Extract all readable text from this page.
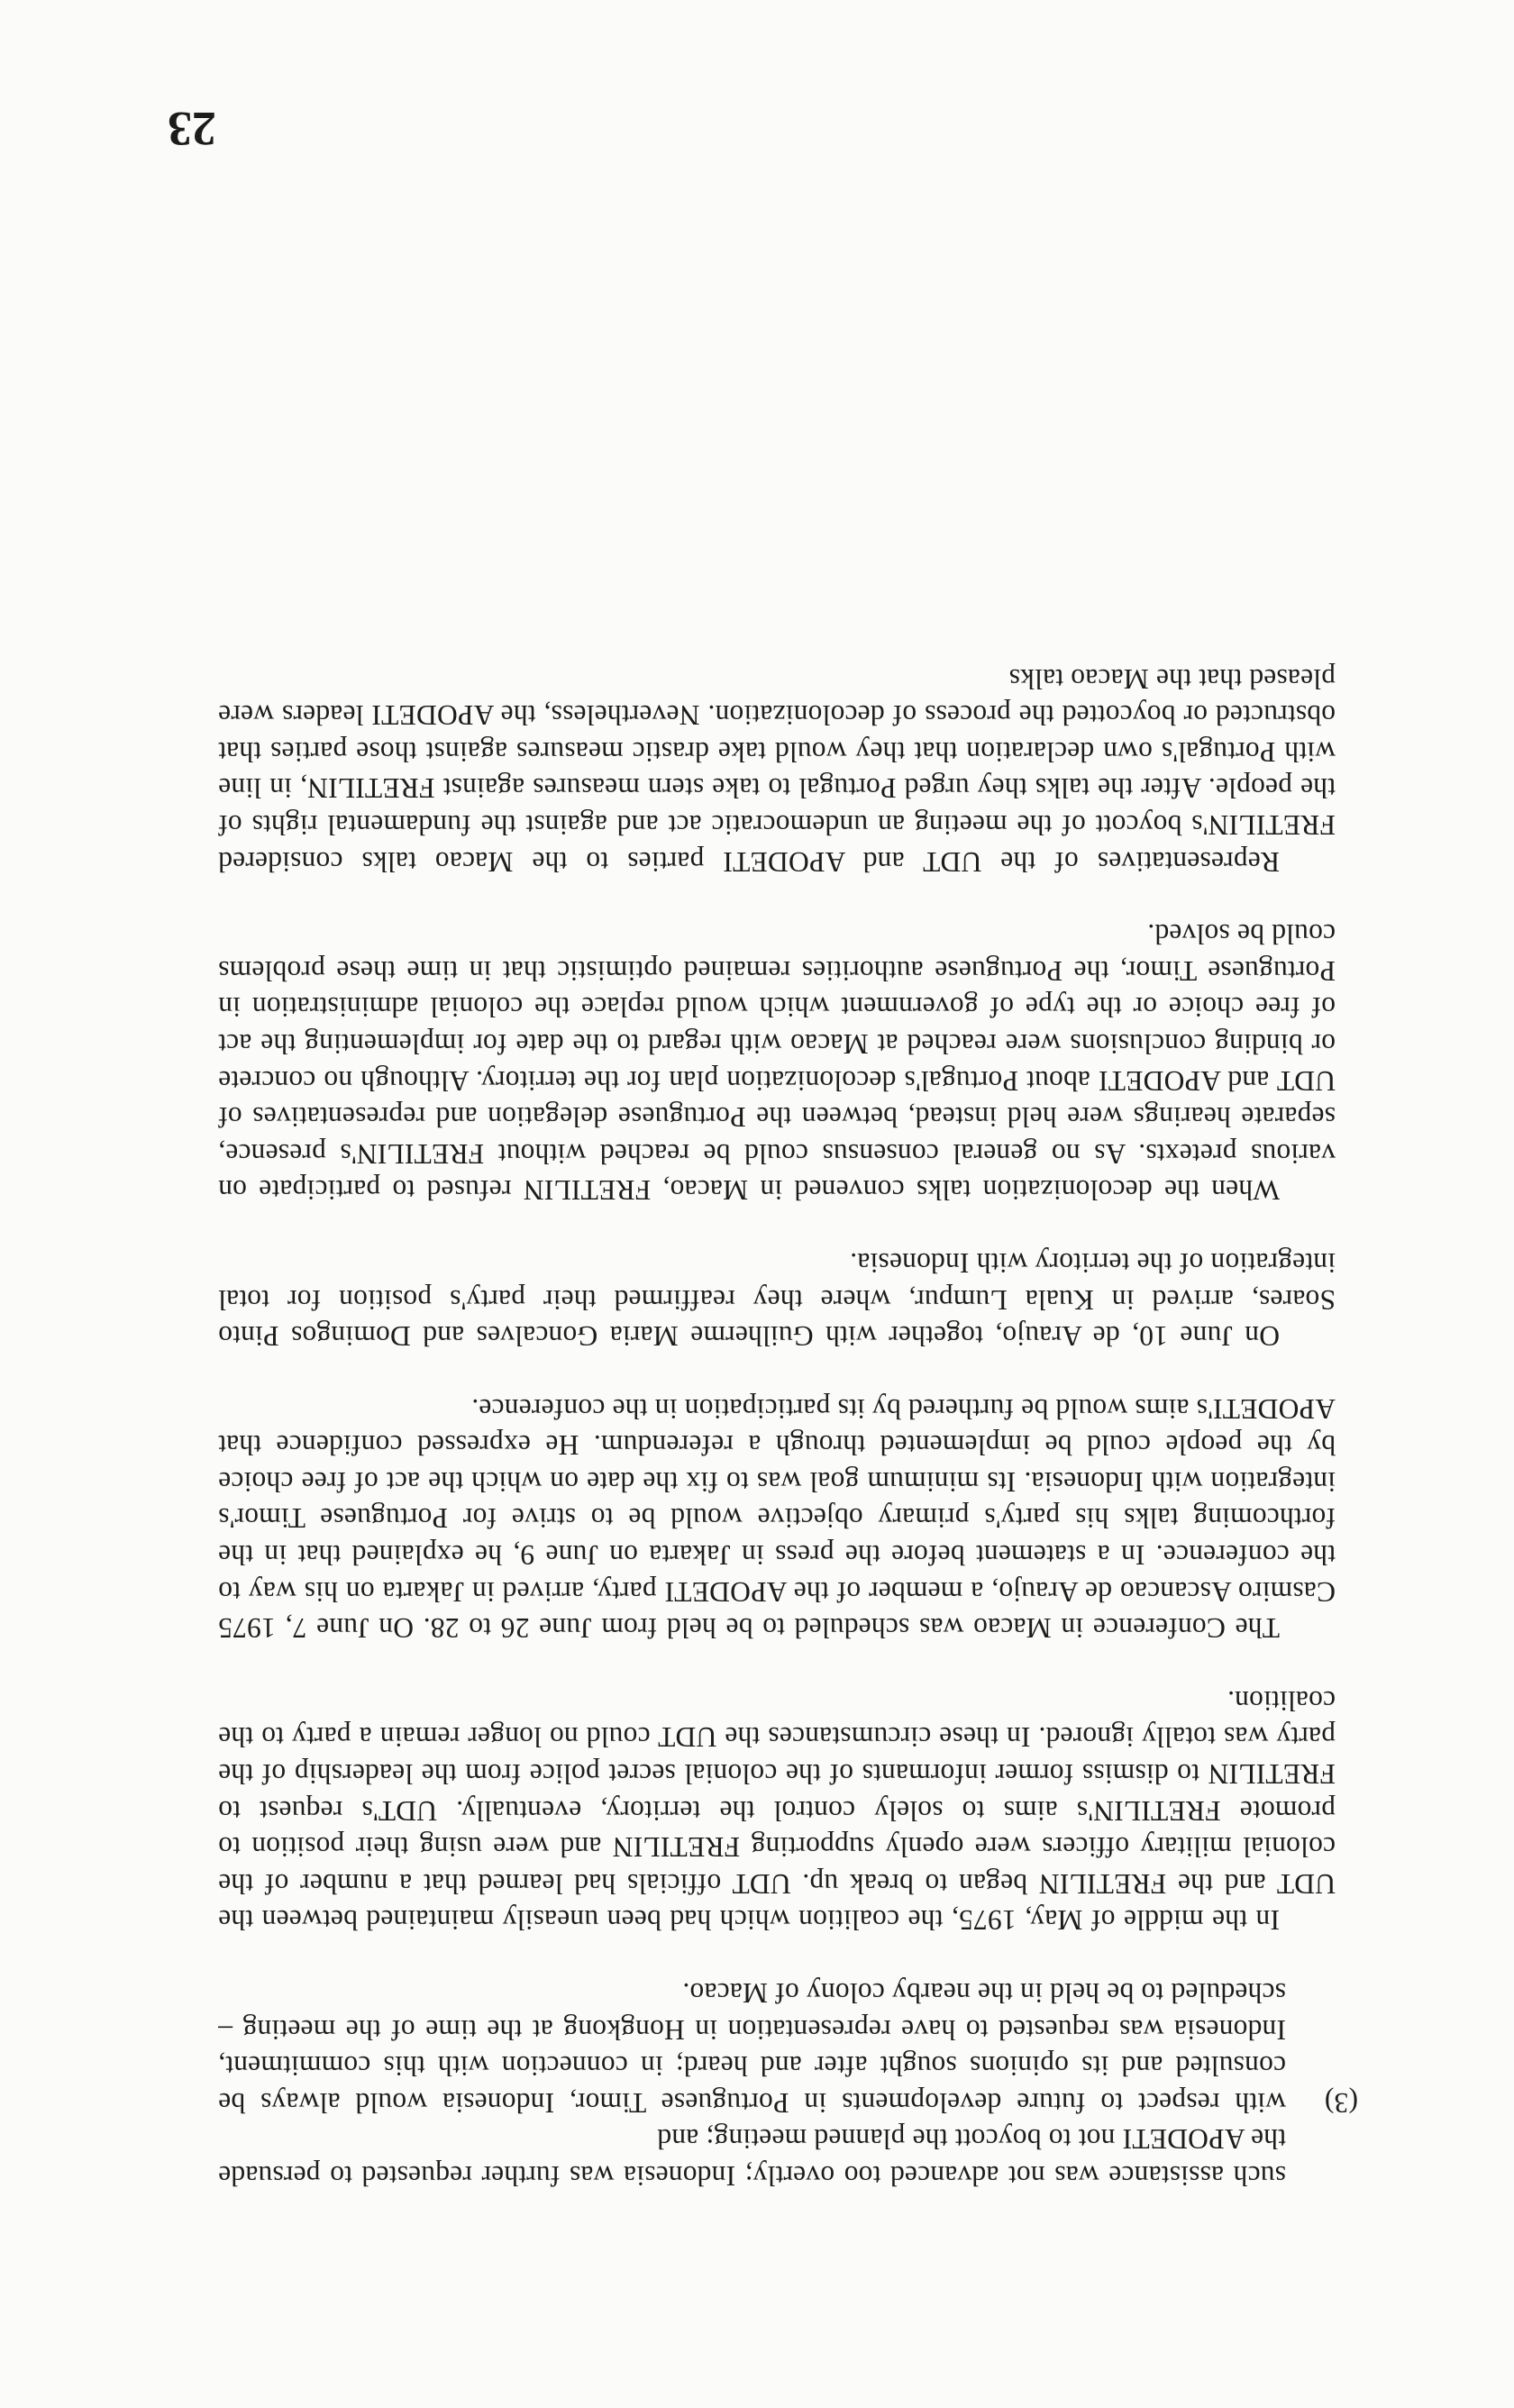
such assistance was not advanced too overtly; Indonesia was further requested to persuade the APODETI not to boycott the planned meeting; and

(3)
with respect to future developments in Portuguese Timor, Indonesia would always be consulted and its opinions sought after and heard; in connection with this commitment, Indonesia was requested to have representation in Hongkong at the time of the meeting – scheduled to be held in the nearby colony of Macao.

In the middle of May, 1975, the coalition which had been uneasily maintained between the UDT and the FRETILIN began to break up. UDT officials had learned that a number of the colonial military officers were openly supporting FRETILIN and were using their position to promote FRETILIN's aims to solely control the territory, eventually. UDT's request to FRETILIN to dismiss former informants of the colonial secret police from the leadership of the party was totally ignored. In these circumstances the UDT could no longer remain a party to the coalition.

The Conference in Macao was scheduled to be held from June 26 to 28. On June 7, 1975 Casmiro Ascancao de Araujo, a member of the APODETI party, arrived in Jakarta on his way to the conference. In a statement before the press in Jakarta on June 9, he explained that in the forthcoming talks his party's primary objective would be to strive for Portuguese Timor's integration with Indonesia. Its minimum goal was to fix the date on which the act of free choice by the people could be implemented through a referendum. He expressed confidence that APODETI's aims would be furthered by its participation in the conference.

On June 10, de Araujo, together with Guilherme Maria Goncalves and Domingos Pinto Soares, arrived in Kuala Lumpur, where they reaffirmed their party's position for total integration of the territory with Indonesia.

When the decolonization talks convened in Macao, FRETILIN refused to participate on various pretexts. As no general consensus could be reached without FRETILIN's presence, separate hearings were held instead, between the Portuguese delegation and representatives of UDT and APODETI about Portugal's decolonization plan for the territory. Although no concrete or binding conclusions were reached at Macao with regard to the date for implementing the act of free choice or the type of government which would replace the colonial administration in Portuguese Timor, the Portuguese authorities remained optimistic that in time these problems could be solved.

Representatives of the UDT and APODETI parties to the Macao talks considered FRETILIN's boycott of the meeting an undemocratic act and against the fundamental rights of the people. After the talks they urged Portugal to take stern measures against FRETILIN, in line with Portugal's own declaration that they would take drastic measures against those parties that obstructed or boycotted the process of decolonization. Nevertheless, the APODETI leaders were pleased that the Macao talks

23
